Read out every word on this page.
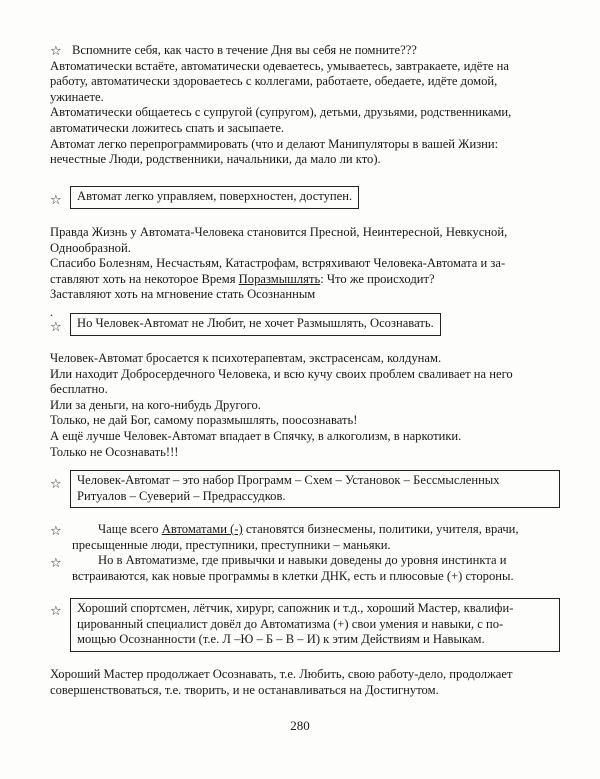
☆ Вспомните себя, как часто в течение Дня вы себя не помните???
Автоматически встаёте, автоматически одеваетесь, умываетесь, завтракаете, идёте на
работу, автоматически здороваетесь с коллегами, работаете, обедаете, идёте домой,
ужинаете.
Автоматически общаетесь с супругой (супругом), детьми, друзьями, родственниками,
автоматически ложитесь спать и засыпаете.
Автомат легко перепрограммировать (что и делают Манипуляторы в вашей Жизни:
нечестные Люди, родственники, начальники, да мало ли кто).
☆ Автомат легко управляем, поверхностен, доступен.
Правда Жизнь у Автомата-Человека становится Пресной, Неинтересной, Невкусной,
Однообразной.
Спасибо Болезням, Несчастьям, Катастрофам, встряхивают Человека-Автомата и за-
ставляют хоть на некоторое Время Поразмышлять: Что же происходит?
Заставляют хоть на мгновение стать Осознанным
.
☆ Но Человек-Автомат не Любит, не хочет Размышлять, Осознавать.
Человек-Автомат бросается к психотерапевтам, экстрасенсам, колдунам.
Или находит Добросердечного Человека, и всю кучу своих проблем сваливает на него
бесплатно.
Или за деньги, на кого-нибудь Другого.
Только, не дай Бог, самому поразмышлять, поосознавать!
А ещё лучше Человек-Автомат впадает в Спячку, в алкоголизм, в наркотики.
Только не Осознавать!!!
☆ Человек-Автомат – это набор Программ – Схем – Установок – Бессмысленных
Ритуалов – Суеверий – Предрассудков.
☆	Чаще всего Автоматами (-) становятся бизнесмены, политики, учителя, врачи,
пресыщенные люди, преступники, преступники – маньяки.
Но в Автоматизме, где привычки и навыки доведены до уровня инстинкта и
встраиваются, как новые программы в клетки ДНК, есть и плюсовые (+) стороны.
☆
☆ Хороший спортсмен, лётчик, хирург, сапожник и т.д., хороший Мастер, квалифи-
цированный специалист довёл до Автоматизма (+) свои умения и навыки, с по-
мощью Осознанности (т.е. Л –Ю – Б – В – И) к этим Действиям и Навыкам.
Хороший Мастер продолжает Осознавать, т.е. Любить, свою работу-дело, продолжает
совершенствоваться, т.е. творить, и не останавливаться на Достигнутом.
280
